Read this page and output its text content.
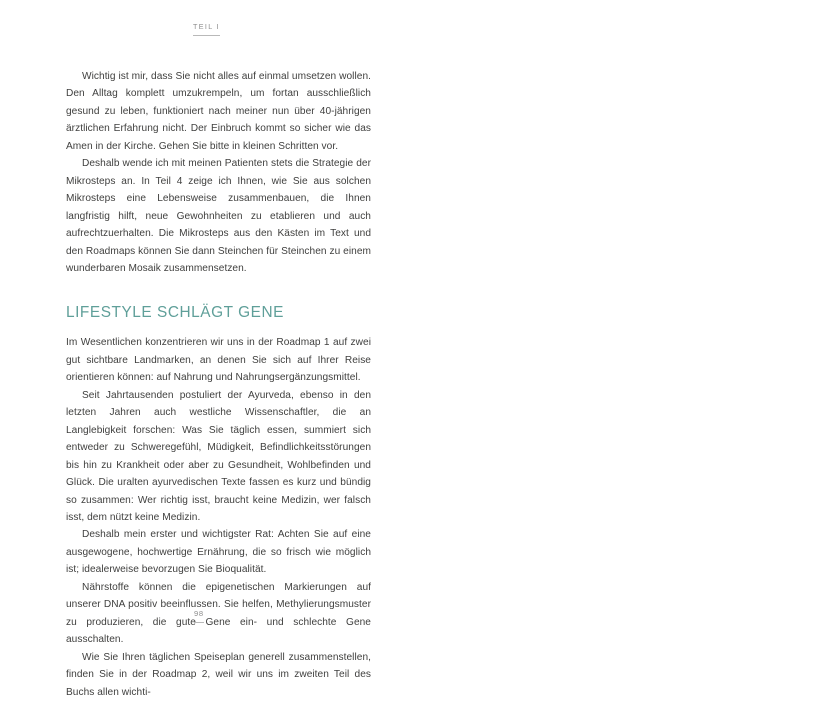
TEIL I

Wichtig ist mir, dass Sie nicht alles auf einmal umsetzen wollen. Den Alltag komplett umzukrempeln, um fortan ausschließlich gesund zu leben, funktioniert nach meiner nun über 40-jährigen ärztlichen Erfahrung nicht. Der Einbruch kommt so sicher wie das Amen in der Kirche. Gehen Sie bitte in kleinen Schritten vor.

Deshalb wende ich mit meinen Patienten stets die Strategie der Mikrosteps an. In Teil 4 zeige ich Ihnen, wie Sie aus solchen Mikrosteps eine Lebensweise zusammenbauen, die Ihnen langfristig hilft, neue Gewohnheiten zu etablieren und auch aufrechtzuerhalten. Die Mikrosteps aus den Kästen im Text und den Roadmaps können Sie dann Steinchen für Steinchen zu einem wunderbaren Mosaik zusammensetzen.

LIFESTYLE SCHLÄGT GENE

Im Wesentlichen konzentrieren wir uns in der Roadmap 1 auf zwei gut sichtbare Landmarken, an denen Sie sich auf Ihrer Reise orientieren können: auf Nahrung und Nahrungsergänzungsmittel.

Seit Jahrtausenden postuliert der Ayurveda, ebenso in den letzten Jahren auch westliche Wissenschaftler, die an Langlebigkeit forschen: Was Sie täglich essen, summiert sich entweder zu Schweregefühl, Müdigkeit, Befindlichkeitsstörungen bis hin zu Krankheit oder aber zu Gesundheit, Wohlbefinden und Glück. Die uralten ayurvedischen Texte fassen es kurz und bündig so zusammen: Wer richtig isst, braucht keine Medizin, wer falsch isst, dem nützt keine Medizin.

Deshalb mein erster und wichtigster Rat: Achten Sie auf eine ausgewogene, hochwertige Ernährung, die so frisch wie möglich ist; idealerweise bevorzugen Sie Bioqualität.

Nährstoffe können die epigenetischen Markierungen auf unserer DNA positiv beeinflussen. Sie helfen, Methylierungsmuster zu produzieren, die gute Gene ein- und schlechte Gene ausschalten.

Wie Sie Ihren täglichen Speiseplan generell zusammenstellen, finden Sie in der Roadmap 2, weil wir uns im zweiten Teil des Buchs allen wichti-

98
